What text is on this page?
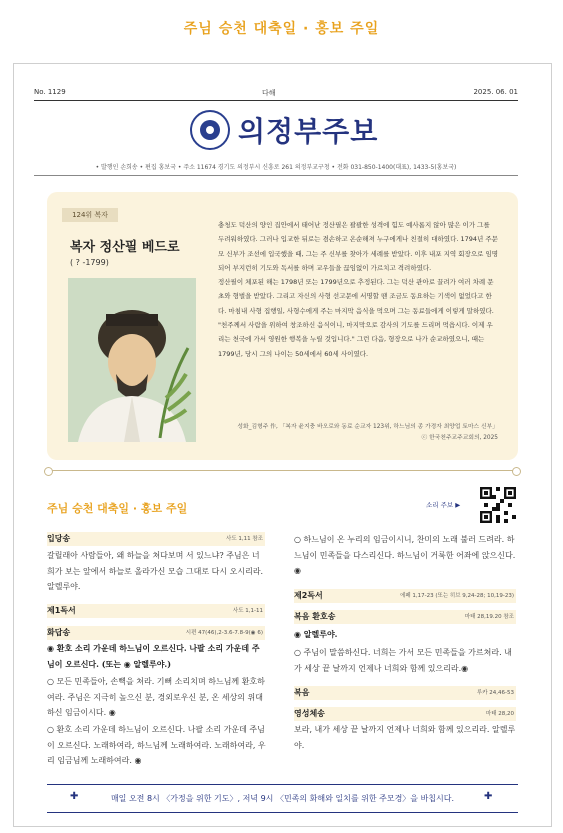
주님 승천 대축일 · 홍보 주일
No. 1129	다해	2025. 06. 01
의정부주보
• 발행인 손희송 • 편집 홍보국 • 주소 11674 경기도 의정부시 신흥로 261 의정부교구청 • 전화 031-850-1400(대표), 1433-5(홍보국)
124위 복자
복자 정산필 베드로
( ? -1799)

충청도 덕산의 양인 집안에서 태어난 정산필은 괄괄한 성격에 힘도 예사롭지 않아 많은 이가 그를 두려워하였다. 그러나 입교한 뒤로는 겸손하고 온순해져 누구에게나 친절히 대하였다. 1794년 주문모 신부가 조선에 입국했을 때, 그는 주 신부를 찾아가 세례를 받았다. 이후 내포 지역 회장으로 임명되어 부지런히 기도와 독서를 하며 교우들을 끊임없이 가르치고 격려하였다.

정산필이 체포된 해는 1798년 또는 1799년으로 추정된다. 그는 덕산 관아로 끌려가 여러 차례 문초와 형벌을 받았다. 그리고 자신의 사형 선고문에 서명할 땐 조금도 동요하는 기색이 없었다고 한다. 마침내 사형 집행일, 사형수에게 주는 마지막 음식을 먹으며 그는 동료들에게 이렇게 말하였다. "천주께서 사람을 위하여 창조하신 음식이니, 마지막으로 감사의 기도를 드리며 먹읍시다. 이제 우리는 천국에 가서 영원한 행복을 누릴 것입니다." 그런 다음, 형장으로 나가 순교하였으니, 때는 1799년, 당시 그의 나이는 50세에서 60세 사이였다.

성화_김형주 作, 「복자 윤지충 바오로와 동료 순교자 123위, 하느님의 종 가경자 최양업 토마스 신부」
ⓒ 한국천주교주교회의, 2025
주님 승천 대축일 · 홍보 주일	소리 주보 ▶
입당송	사도 1,11 참조
갈릴래아 사람들아, 왜 하늘을 쳐다보며 서 있느냐? 주님은 너희가 보는 앞에서 하늘로 올라가신 모습 그대로 다시 오시리라. 알렐루야.
제1독서	사도 1,1-11
화답송	시편 47(46),2-3.6-7.8-9(◉ 6)
◉ 환호 소리 가운데 하느님이 오르신다. 나팔 소리 가운데 주님이 오르신다. (또는 ◉ 알렐루야.)
○ 모든 민족들아, 손뼉을 쳐라. 기뻐 소리치며 하느님께 환호하여라. 주님은 지극히 높으신 분, 경외로우신 분, 온 세상의 위대하신 임금이시다. ◉
○ 환호 소리 가운데 하느님이 오르신다. 나팔 소리 가운데 주님이 오르신다. 노래하여라, 하느님께 노래하여라. 노래하여라, 우리 임금님께 노래하여라. ◉
○ 하느님이 온 누리의 임금이시니, 찬미의 노래 불러 드려라. 하느님이 민족들을 다스리신다. 하느님이 거룩한 어좌에 앉으신다. ◉
제2독서	에페 1,17-23 (또는 히브 9,24-28; 10,19-23)
복음 환호송	마태 28,19.20 참조
◉ 알렐루야.
○ 주님이 말씀하신다. 너희는 가서 모든 민족들을 가르쳐라. 내가 세상 끝 날까지 언제나 너희와 함께 있으리라.◉
복음	루카 24,46-53
영성체송	마태 28,20
보라, 내가 세상 끝 날까지 언제나 너희와 함께 있으리라. 알렐루야.
✚	매일 오전 8시 〈가정을 위한 기도〉, 저녁 9시 〈민족의 화해와 일치를 위한 주모경〉을 바칩시다.	✚
